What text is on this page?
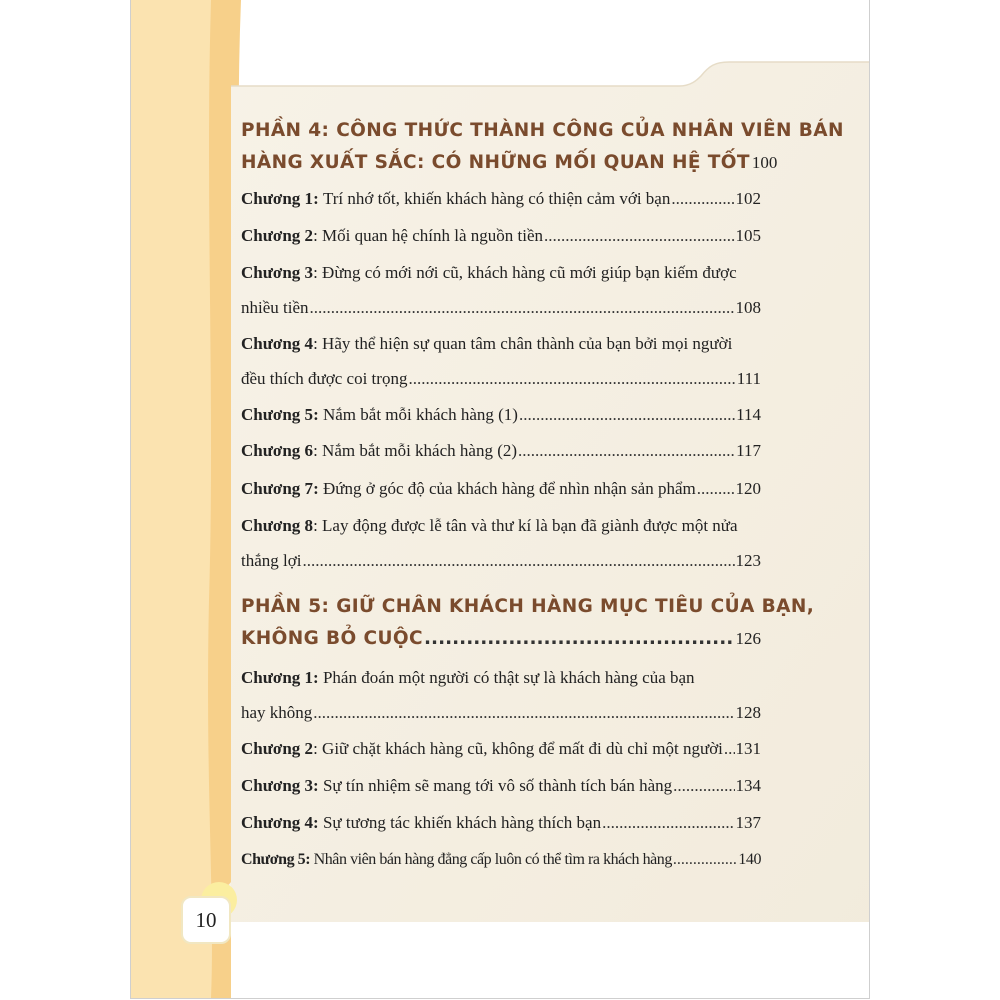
PHẦN 4: CÔNG THỨC THÀNH CÔNG CỦA NHÂN VIÊN BÁN
HÀNG XUẤT SẮC: CÓ NHỮNG MỐI QUAN HỆ TỐT 100
Chương 1 :
Trí nhớ tốt, khiến khách hàng có thiện cảm với bạn .....	102
Chương 2 :
Mối quan hệ chính là nguồn tiền .....	105
Chương 3: Đừng có mới nới cũ, khách hàng cũ mới giúp bạn kiếm được
nhiều tiền .....	108
Chương 4: Hãy thể hiện sự quan tâm chân thành của bạn bởi mọi người
đều thích được coi trọng .....	111
Chương 5 :
Nắm bắt mỗi khách hàng (1) .....	114
Chương 6 :
Nắm bắt mỗi khách hàng (2) .....	117
Chương 7 :
Đứng ở góc độ của khách hàng để nhìn nhận sản phẩm ..... 120
Chương 8: Lay động được lễ tân và thư kí là bạn đã giành được một nửa
thắng lợi .....	123
PHẦN 5: GIỮ CHÂN KHÁCH HÀNG MỤC TIÊU CỦA BẠN,
KHÔNG BỎ CUỘC .....	126
Chương 1: Phán đoán một người có thật sự là khách hàng của bạn
hay không .....	128
Chương 2 :
Giữ chặt khách hàng cũ, không để mất đi dù chỉ một người ..... 131
Chương 3:
Sự tín nhiệm sẽ mang tới vô số thành tích bán hàng .....	134
Chương 4:
Sự tương tác khiến khách hàng thích bạn .....	137
Chương 5:
Nhân viên bán hàng đẳng cấp luôn có thể tìm ra khách hàng .....	140
10
